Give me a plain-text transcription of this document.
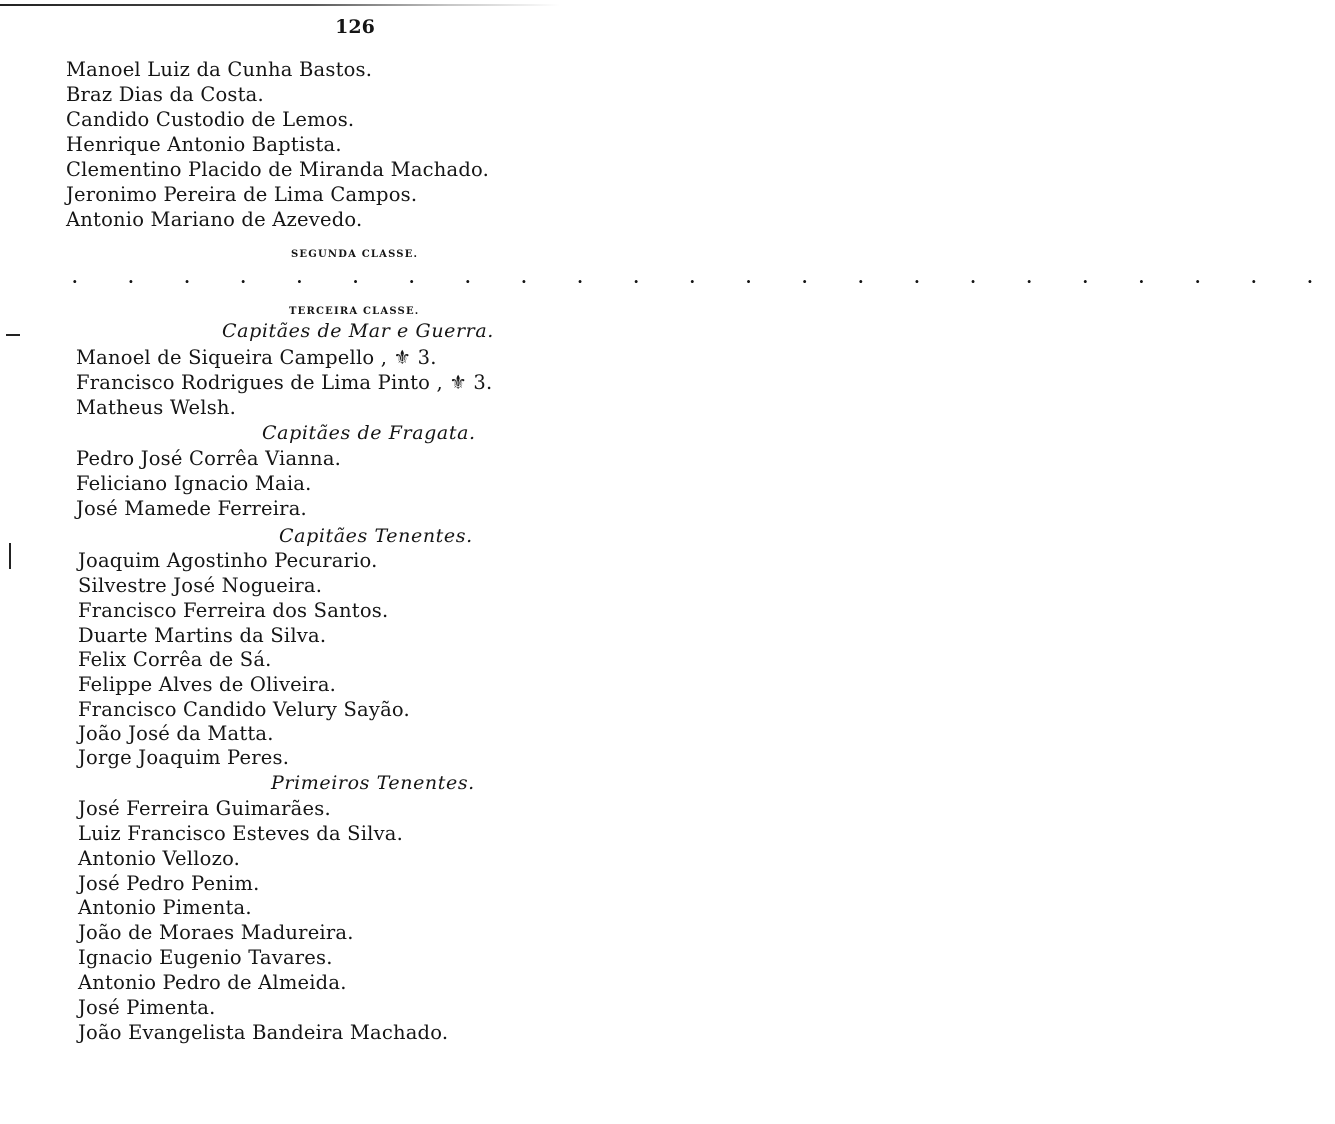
126
Manoel Luiz da Cunha Bastos.
Braz Dias da Costa.
Candido Custodio de Lemos.
Henrique Antonio Baptista.
Clementino Placido de Miranda Machado.
Jeronimo Pereira de Lima Campos.
Antonio Mariano de Azevedo.
SEGUNDA CLASSE.
. . . . . . . . . . . . . . . . . . . . . . .
TERCEIRA CLASSE.
Capitães de Mar e Guerra.
Manoel de Siqueira Campello , ⚜ 3.
Francisco Rodrigues de Lima Pinto , ⚜ 3.
Matheus Welsh.
Capitães de Fragata.
Pedro José Corrêa Vianna.
Feliciano Ignacio Maia.
José Mamede Ferreira.
Capitães Tenentes.
Joaquim Agostinho Pecurario.
Silvestre José Nogueira.
Francisco Ferreira dos Santos.
Duarte Martins da Silva.
Felix Corrêa de Sá.
Felippe Alves de Oliveira.
Francisco Candido Velury Sayão.
João José da Matta.
Jorge Joaquim Peres.
Primeiros Tenentes.
José Ferreira Guimarães.
Luiz Francisco Esteves da Silva.
Antonio Vellozo.
José Pedro Penim.
Antonio Pimenta.
João de Moraes Madureira.
Ignacio Eugenio Tavares.
Antonio Pedro de Almeida.
José Pimenta.
João Evangelista Bandeira Machado.
